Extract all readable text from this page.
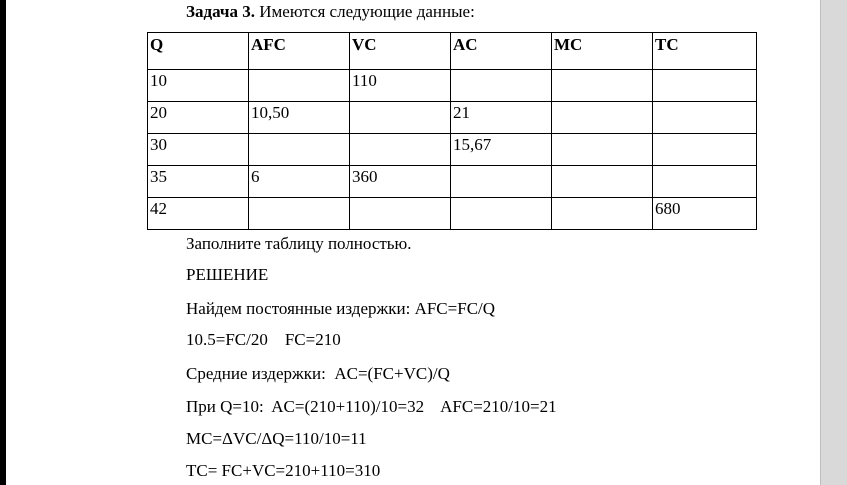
Задача 3. Имеются следующие данные:
Q	AFC	VC	AC	MC	TC
10		110			
20	10,50		21		
30			15,67		
35	6	360			
42					680
Заполните таблицу полностью.
РЕШЕНИЕ
Найдем постоянные издержки: AFC=FC/Q
10.5=FC/20    FC=210
Средние издержки:  AC=(FC+VC)/Q
При Q=10:  AC=(210+110)/10=32    AFC=210/10=21
MC=ΔVC/ΔQ=110/10=11
TC= FC+VC=210+110=310
